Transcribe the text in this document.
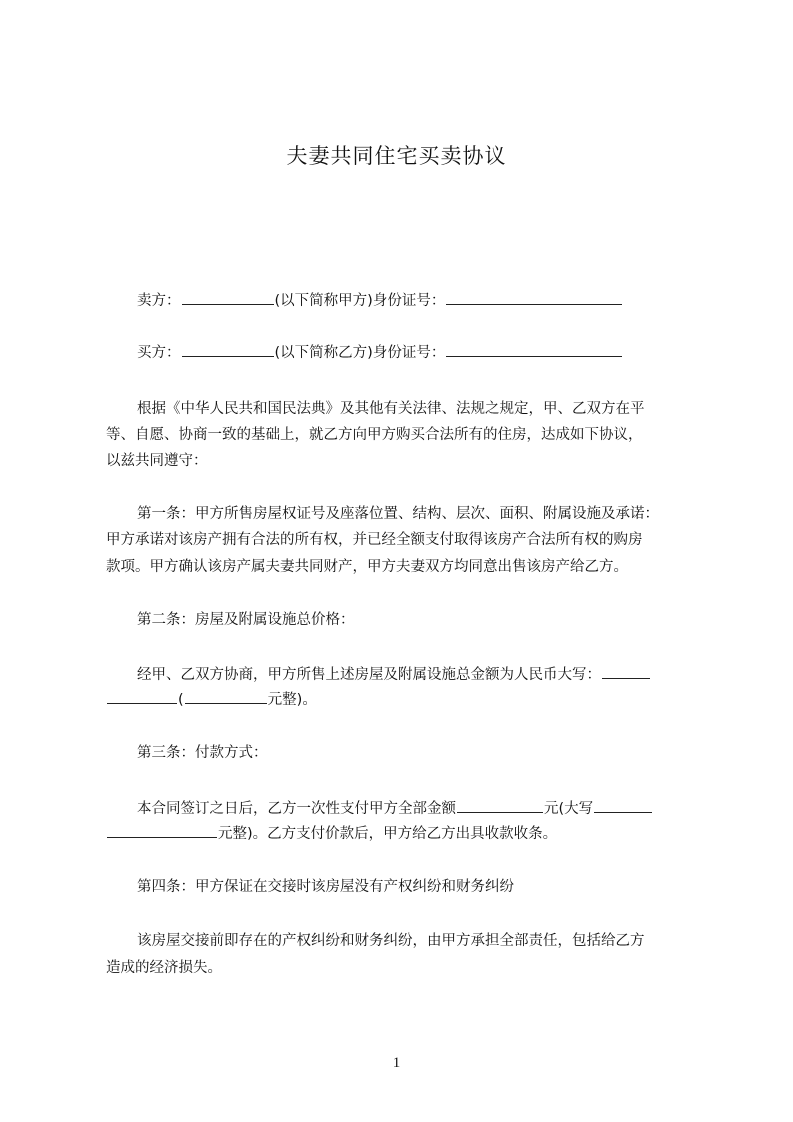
夫妻共同住宅买卖协议
卖方：	(以下简称甲方)身份证号：
买方：	(以下简称乙方)身份证号：
根据《中华人民共和国民法典》及其他有关法律、法规之规定，甲、乙双方在平
等、自愿、协商一致的基础上，就乙方向甲方购买合法所有的住房，达成如下协议，
以兹共同遵守：
第一条：甲方所售房屋权证号及座落位置、结构、层次、面积、附属设施及承诺：
甲方承诺对该房产拥有合法的所有权，并已经全额支付取得该房产合法所有权的购房
款项。甲方确认该房产属夫妻共同财产，甲方夫妻双方均同意出售该房产给乙方。
第二条：房屋及附属设施总价格：
经甲、乙双方协商，甲方所售上述房屋及附属设施总金额为人民币大写：
(	元整)。
第三条：付款方式：
本合同签订之日后，乙方一次性支付甲方全部金额	元(大写
元整)。乙方支付价款后，甲方给乙方出具收款收条。
第四条：甲方保证在交接时该房屋没有产权纠纷和财务纠纷
该房屋交接前即存在的产权纠纷和财务纠纷，由甲方承担全部责任，包括给乙方
造成的经济损失。
1
